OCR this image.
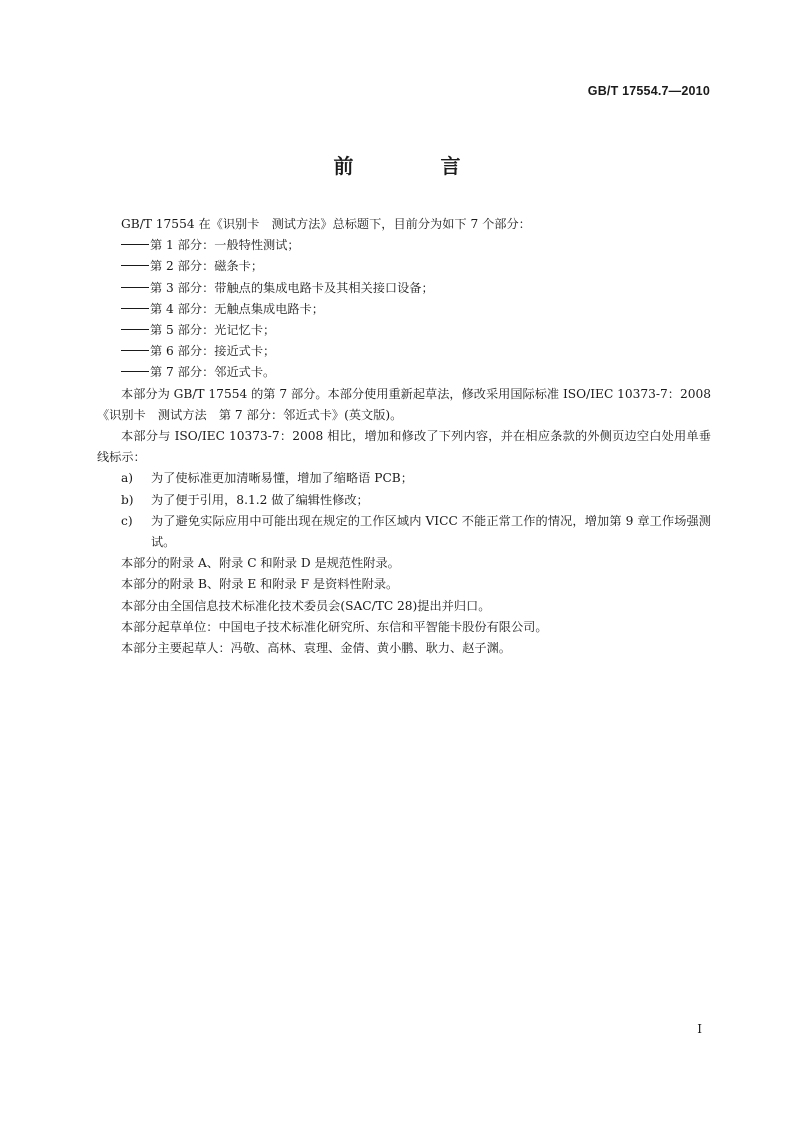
GB/T 17554.7—2010
前 言

GB/T 17554 在《识别卡　测试方法》总标题下，目前分为如下 7 个部分：

第 1 部分：一般特性测试；

第 2 部分：磁条卡；

第 3 部分：带触点的集成电路卡及其相关接口设备；

第 4 部分：无触点集成电路卡；

第 5 部分：光记忆卡；

第 6 部分：接近式卡；

第 7 部分：邻近式卡。

本部分为 GB/T 17554 的第 7 部分。本部分使用重新起草法，修改采用国际标准 ISO/IEC 10373-7：2008《识别卡　测试方法　第 7 部分：邻近式卡》(英文版)。

本部分与 ISO/IEC 10373-7：2008 相比，增加和修改了下列内容，并在相应条款的外侧页边空白处用单垂线标示：

a)	为了使标准更加清晰易懂，增加了缩略语 PCB；
b)	为了便于引用，8.1.2 做了编辑性修改；
c)	为了避免实际应用中可能出现在规定的工作区域内 VICC 不能正常工作的情况，增加第 9 章工作场强测试。

本部分的附录 A、附录 C 和附录 D 是规范性附录。

本部分的附录 B、附录 E 和附录 F 是资料性附录。

本部分由全国信息技术标准化技术委员会(SAC/TC 28)提出并归口。

本部分起草单位：中国电子技术标准化研究所、东信和平智能卡股份有限公司。

本部分主要起草人：冯敬、高林、袁理、金倩、黄小鹏、耿力、赵子渊。

I
